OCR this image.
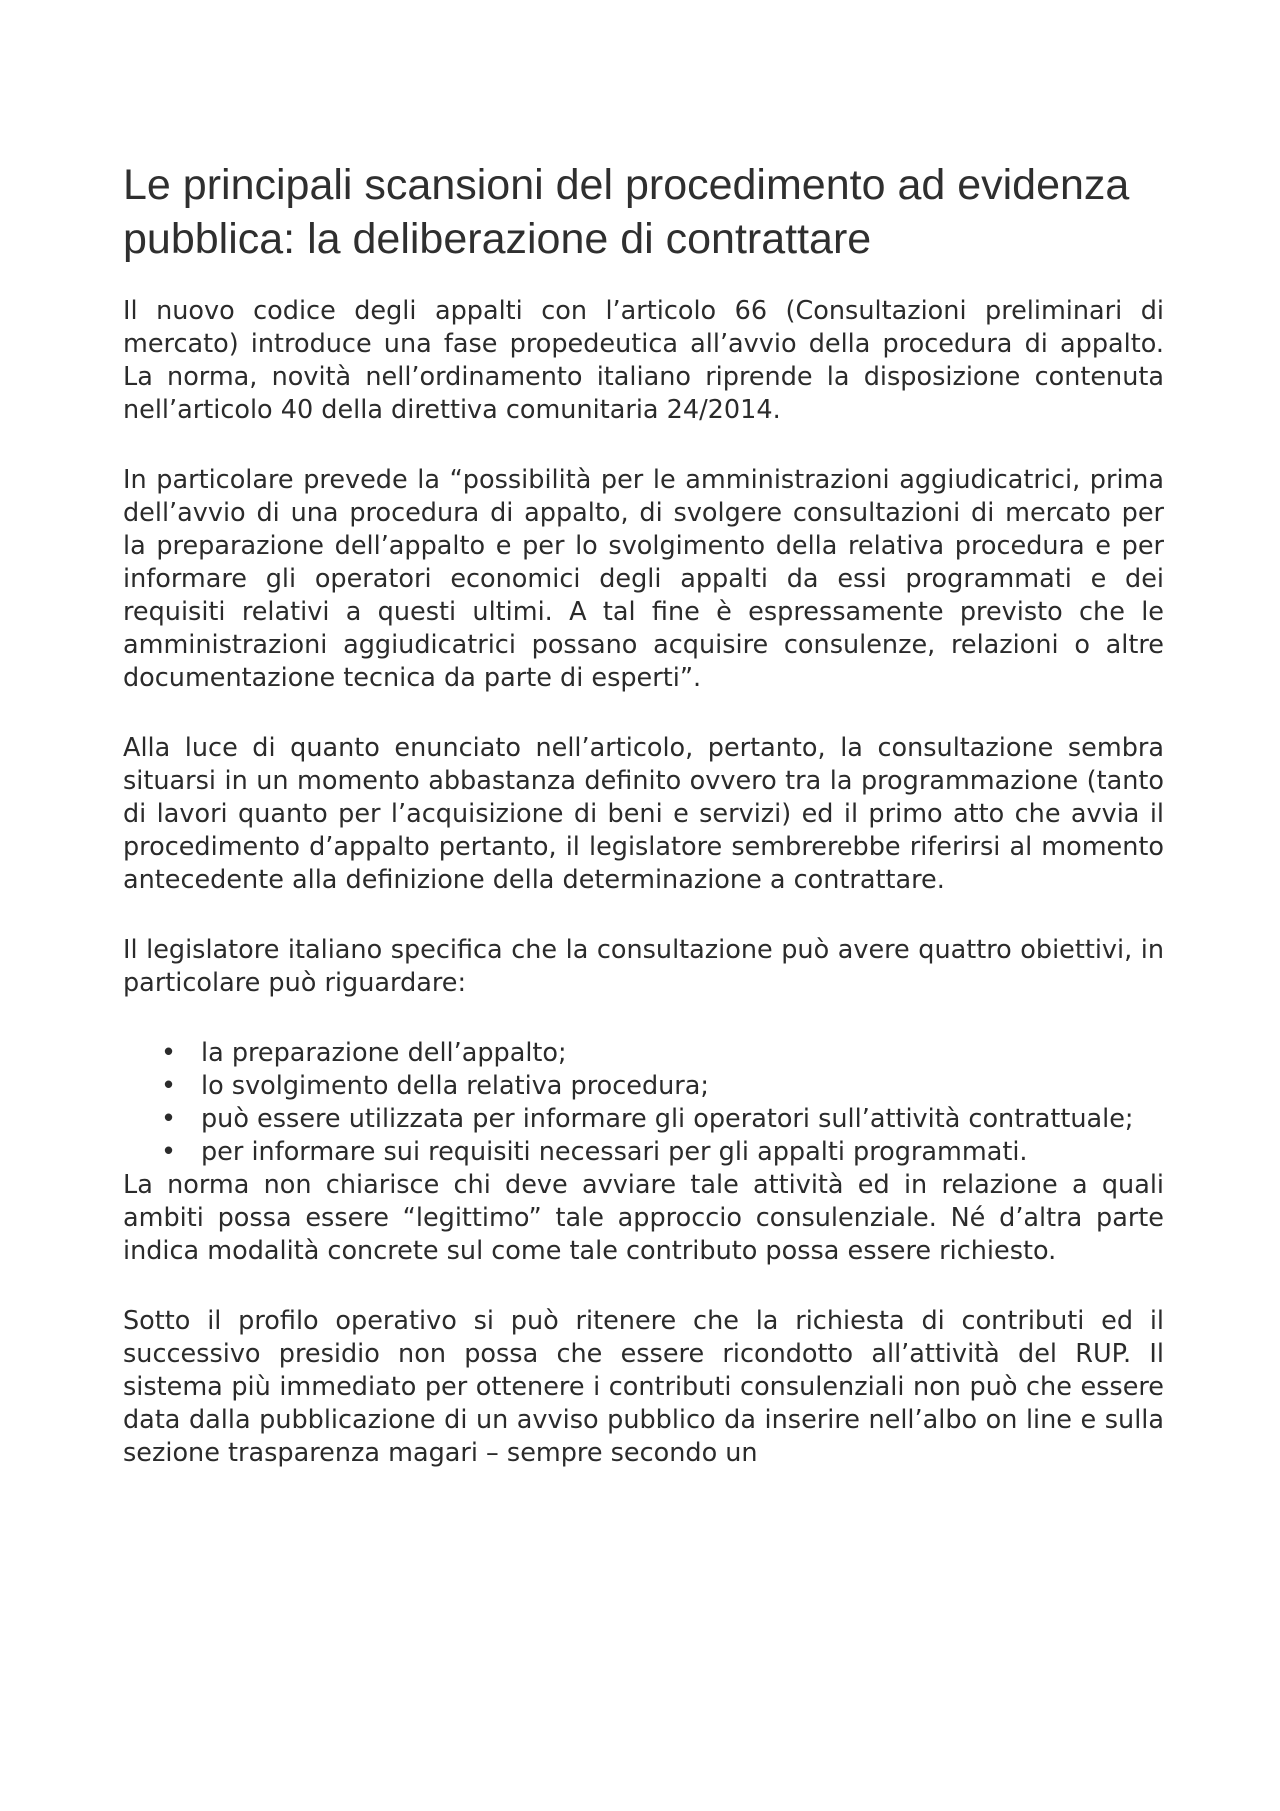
Le principali scansioni del procedimento ad evidenza pubblica: la deliberazione di contrattare

Il nuovo codice degli appalti con l’articolo 66 (Consultazioni preliminari di mercato) introduce una fase propedeutica all’avvio della procedura di appalto. La norma, novità nell’ordinamento italiano riprende la disposizione contenuta nell’articolo 40 della direttiva comunitaria 24/2014.

In particolare prevede la “possibilità per le amministrazioni aggiudicatrici, prima dell’avvio di una procedura di appalto, di svolgere consultazioni di mercato per la preparazione dell’appalto e per lo svolgimento della relativa procedura e per informare gli operatori economici degli appalti da essi programmati e dei requisiti relativi a questi ultimi. A tal fine è espressamente previsto che le amministrazioni aggiudicatrici possano acquisire consulenze, relazioni o altre documentazione tecnica da parte di esperti”.

Alla luce di quanto enunciato nell’articolo, pertanto, la consultazione sembra situarsi in un momento abbastanza definito ovvero tra la programmazione (tanto di lavori quanto per l’acquisizione di beni e servizi) ed il primo atto che avvia il procedimento d’appalto pertanto, il legislatore sembrerebbe riferirsi al momento antecedente alla definizione della determinazione a contrattare.

Il legislatore italiano specifica che la consultazione può avere quattro obiettivi, in particolare può riguardare:

• la preparazione dell’appalto;
• lo svolgimento della relativa procedura;
• può essere utilizzata per informare gli operatori sull’attività contrattuale;
• per informare sui requisiti necessari per gli appalti programmati.

La norma non chiarisce chi deve avviare tale attività ed in relazione a quali ambiti possa essere “legittimo” tale approccio consulenziale. Né d’altra parte indica modalità concrete sul come tale contributo possa essere richiesto.

Sotto il profilo operativo si può ritenere che la richiesta di contributi ed il successivo presidio non possa che essere ricondotto all’attività del RUP. Il sistema più immediato per ottenere i contributi consulenziali non può che essere data dalla pubblicazione di un avviso pubblico da inserire nell’albo on line e sulla sezione trasparenza magari – sempre secondo un
